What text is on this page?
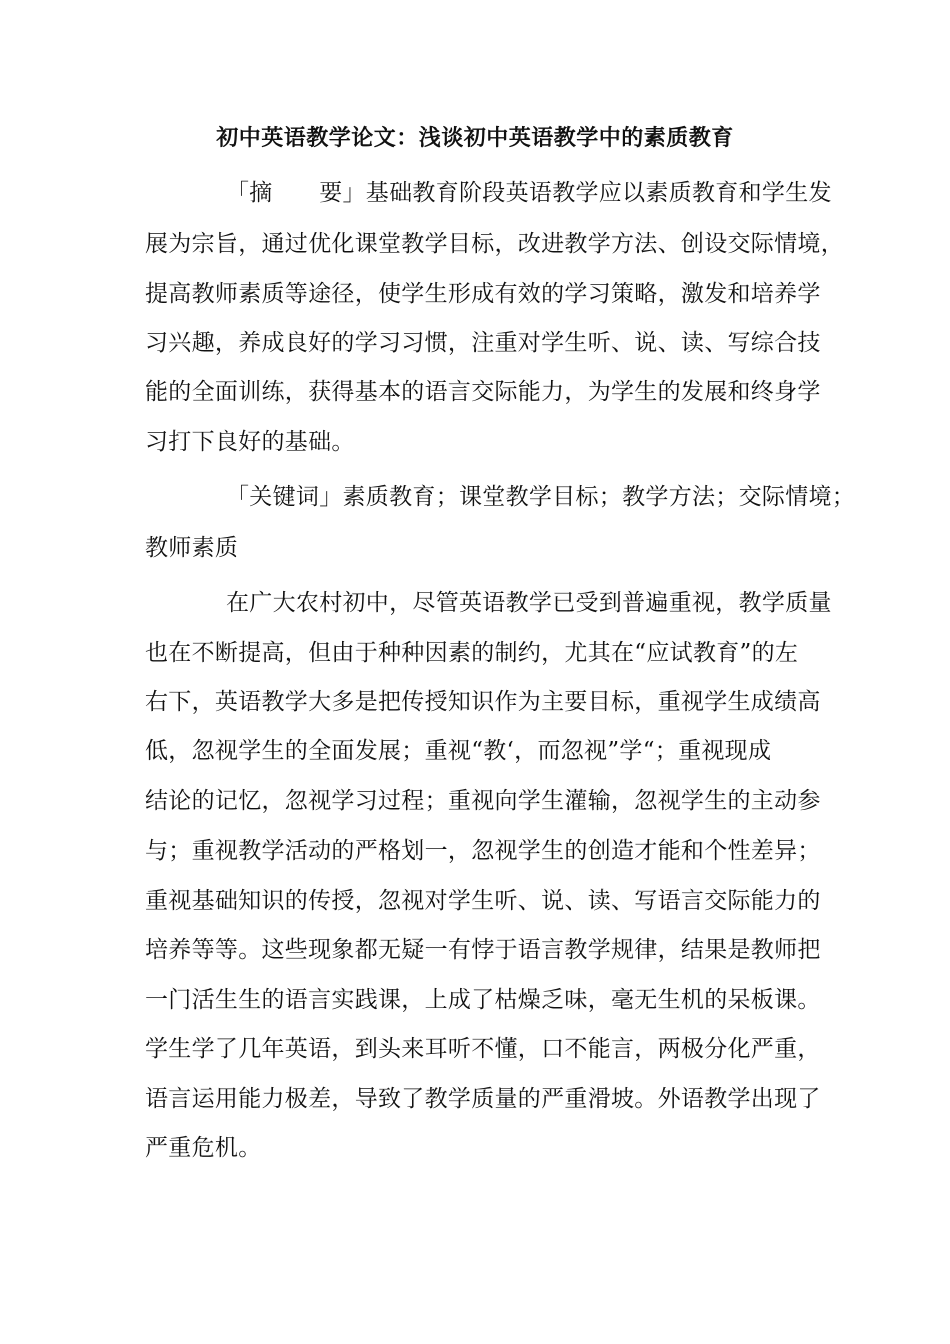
初中英语教学论文：浅谈初中英语教学中的素质教育

「摘　　要」基础教育阶段英语教学应以素质教育和学生发

展为宗旨，通过优化课堂教学目标，改进教学方法、创设交际情境，

提高教师素质等途径，使学生形成有效的学习策略，激发和培养学

习兴趣，养成良好的学习习惯，注重对学生听、说、读、写综合技

能的全面训练，获得基本的语言交际能力，为学生的发展和终身学

习打下良好的基础。

「关键词」素质教育；课堂教学目标；教学方法；交际情境；

教师素质

在广大农村初中，尽管英语教学已受到普遍重视，教学质量

也在不断提高，但由于种种因素的制约，尤其在“应试教育”的左

右下，英语教学大多是把传授知识作为主要目标，重视学生成绩高

低，忽视学生的全面发展；重视“教‘，而忽视”学“；重视现成

结论的记忆，忽视学习过程；重视向学生灌输，忽视学生的主动参

与；重视教学活动的严格划一，忽视学生的创造才能和个性差异；

重视基础知识的传授，忽视对学生听、说、读、写语言交际能力的

培养等等。这些现象都无疑一有悖于语言教学规律，结果是教师把

一门活生生的语言实践课，上成了枯燥乏味，毫无生机的呆板课。

学生学了几年英语，到头来耳听不懂，口不能言，两极分化严重，

语言运用能力极差，导致了教学质量的严重滑坡。外语教学出现了

严重危机。
